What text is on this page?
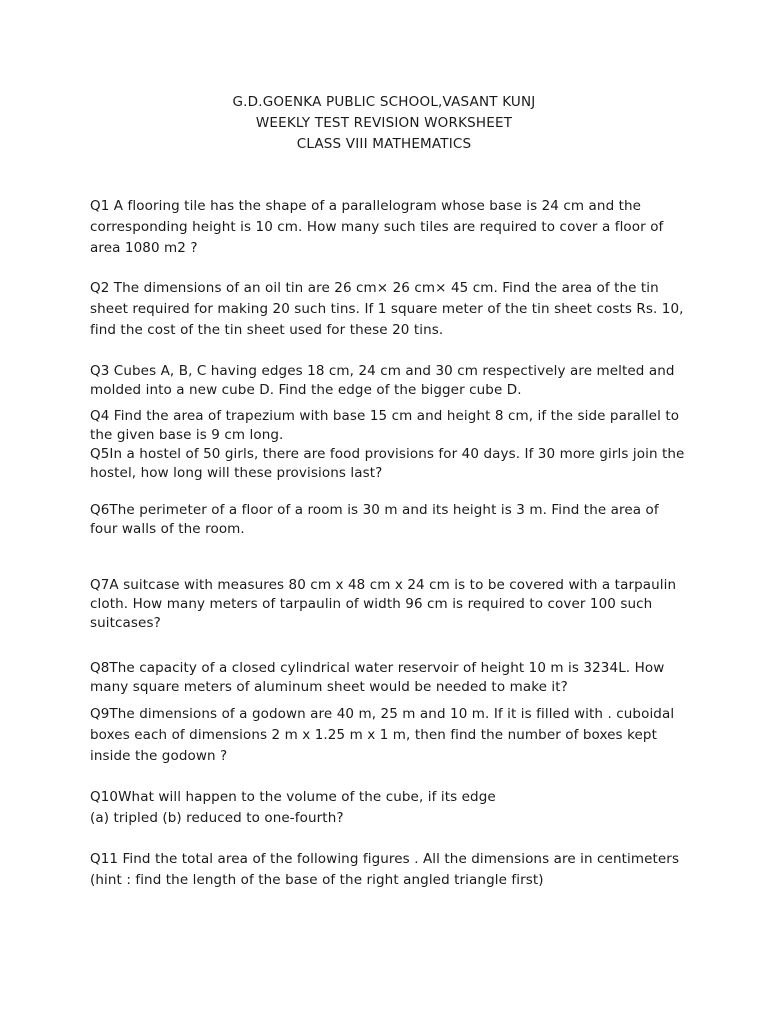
G.D.GOENKA PUBLIC SCHOOL,VASANT KUNJ
WEEKLY TEST REVISION WORKSHEET
CLASS VIII MATHEMATICS

Q1 A flooring tile has the shape of a parallelogram whose base is 24 cm and the corresponding height is 10 cm. How many such tiles are required to cover a floor of area 1080 m2 ?

Q2 The dimensions of an oil tin are 26 cm× 26 cm× 45 cm. Find the area of the tin sheet required for making 20 such tins. If 1 square meter of the tin sheet costs Rs. 10, find the cost of the tin sheet used for these 20 tins.

Q3 Cubes A, B, C having edges 18 cm, 24 cm and 30 cm respectively are melted and molded into a new cube D. Find the edge of the bigger cube D.

Q4 Find the area of trapezium with base 15 cm and height 8 cm, if the side parallel to the given base is 9 cm long.

Q5In a hostel of 50 girls, there are food provisions for 40 days. If 30 more girls join the hostel, how long will these provisions last?

Q6The perimeter of a floor of a room is 30 m and its height is 3 m. Find the area of four walls of the room.

Q7A suitcase with measures 80 cm x 48 cm x 24 cm is to be covered with a tarpaulin cloth. How many meters of tarpaulin of width 96 cm is required to cover 100 such suitcases?

Q8The capacity of a closed cylindrical water reservoir of height 10 m is 3234L. How many square meters of aluminum sheet would be needed to make it?

Q9The dimensions of a godown are 40 m, 25 m and 10 m. If it is filled with . cuboidal boxes each of dimensions 2 m x 1.25 m x 1 m, then find the number of boxes kept inside the godown ?

Q10What will happen to the volume of the cube, if its edge

(a) tripled (b) reduced to one-fourth?

Q11 Find the total area of the following figures . All the dimensions are in centimeters

(hint : find the length of the base of the right angled triangle first)
